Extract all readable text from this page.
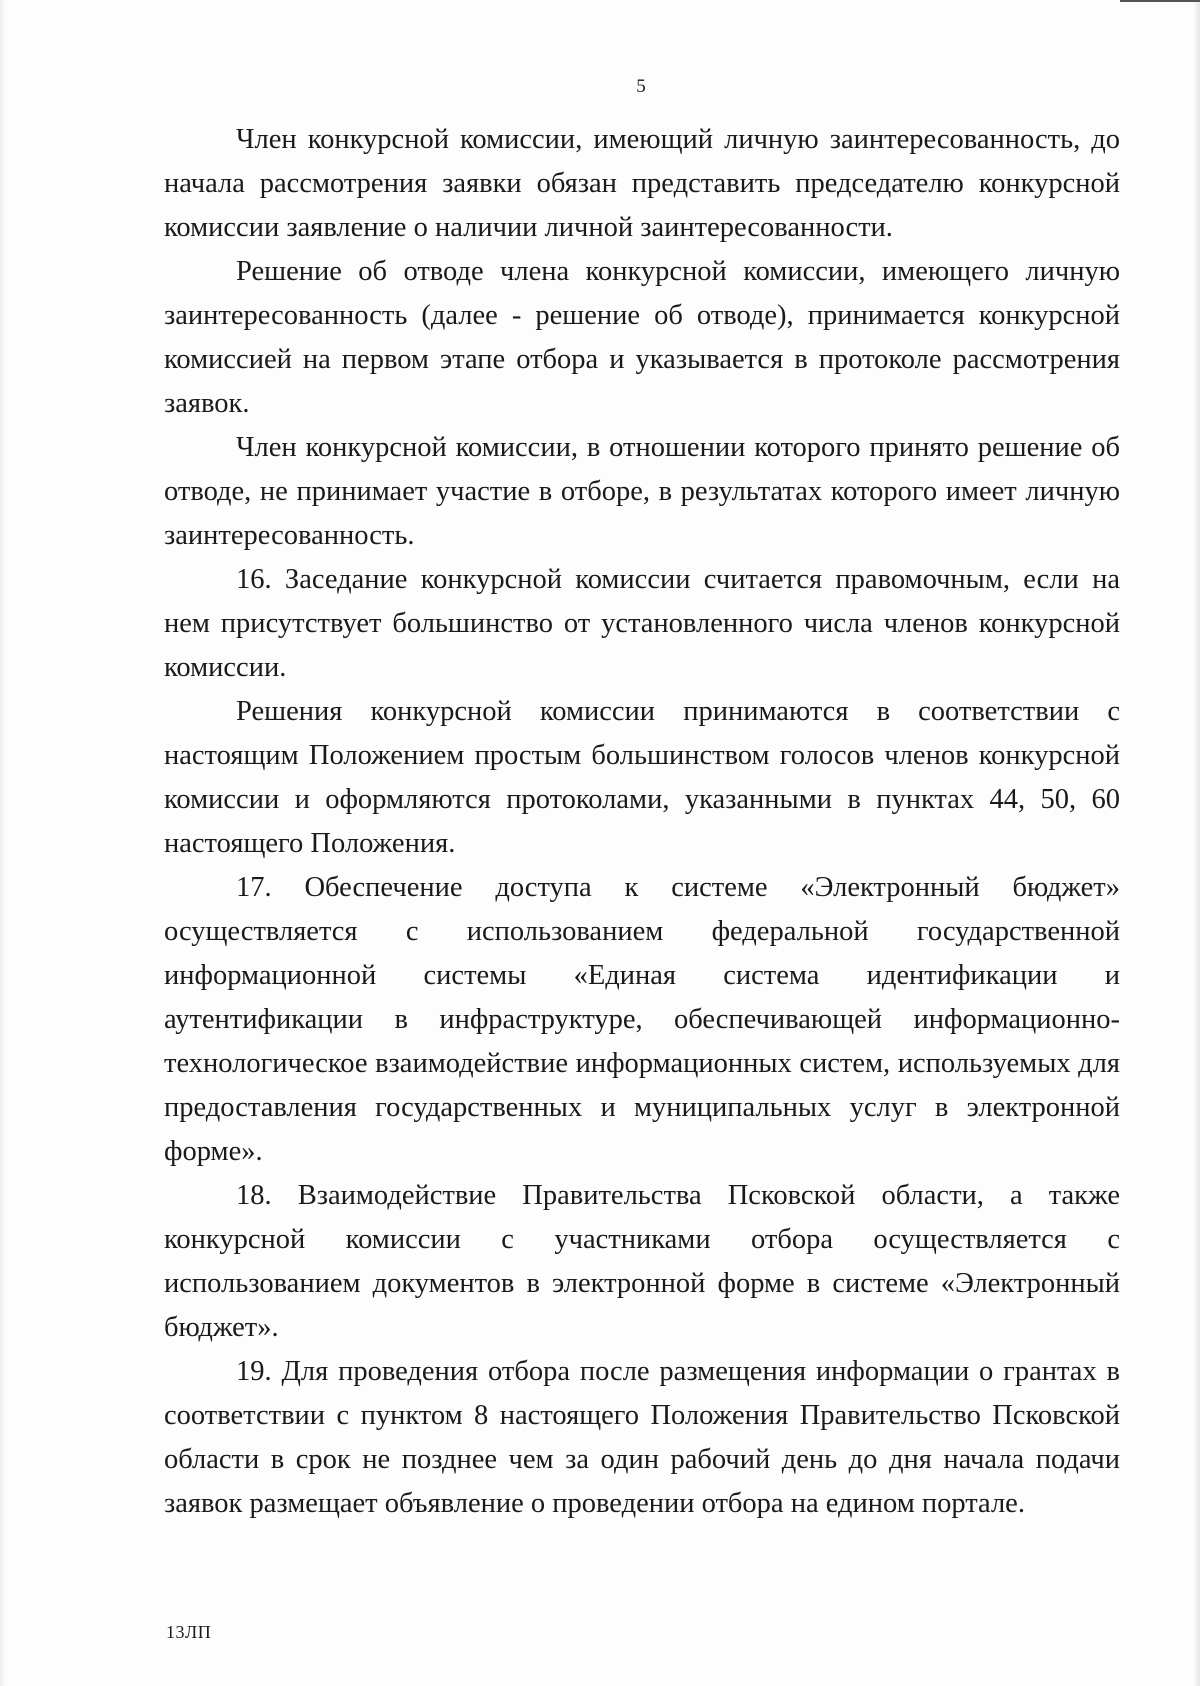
5

Член конкурсной комиссии, имеющий личную заинтересованность, до начала рассмотрения заявки обязан представить председателю конкурсной комиссии заявление о наличии личной заинтересованности.

Решение об отводе члена конкурсной комиссии, имеющего личную заинтересованность (далее - решение об отводе), принимается конкурсной комиссией на первом этапе отбора и указывается в протоколе рассмотрения заявок.

Член конкурсной комиссии, в отношении которого принято решение об отводе, не принимает участие в отборе, в результатах которого имеет личную заинтересованность.

16. Заседание конкурсной комиссии считается правомочным, если на нем присутствует большинство от установленного числа членов конкурсной комиссии.

Решения конкурсной комиссии принимаются в соответствии с настоящим Положением простым большинством голосов членов конкурсной комиссии и оформляются протоколами, указанными в пунктах 44, 50, 60 настоящего Положения.

17. Обеспечение доступа к системе «Электронный бюджет» осуществляется с использованием федеральной государственной информационной системы «Единая система идентификации и аутентификации в инфраструктуре, обеспечивающей информационно-технологическое взаимодействие информационных систем, используемых для предоставления государственных и муниципальных услуг в электронной форме».

18. Взаимодействие Правительства Псковской области, а также конкурсной комиссии с участниками отбора осуществляется с использованием документов в электронной форме в системе «Электронный бюджет».

19. Для проведения отбора после размещения информации о грантах в соответствии с пунктом 8 настоящего Положения Правительство Псковской области в срок не позднее чем за один рабочий день до дня начала подачи заявок размещает объявление о проведении отбора на едином портале.

13ЛП
